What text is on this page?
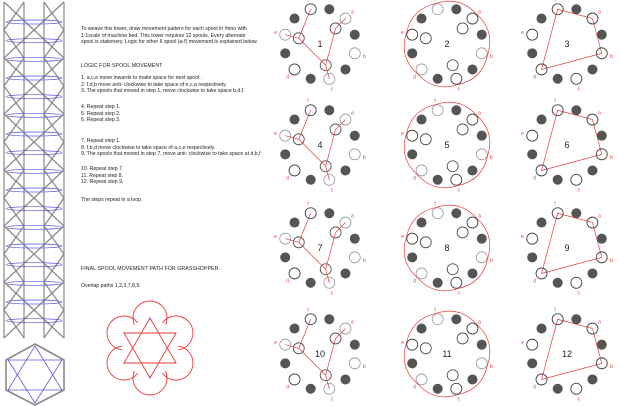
To weave this tower, draw movement pattern for each spool in rhino with
1:1scale of machine bed. This tower requires 12 spools. Every alternate
spool is stationery. Logic for other 6 spool (a-f) movement is explained below.
LOGIC FOR SPOOL MOVEMENT
1. a,c,e move inwards to make space for next spool .
2. f,d,b move anti- clockwise to take space of e,c,a respectively.
3. The spools that moved in step 1, move clockwise to take space b,d,f.
4. Repeat step 1.
5. Repeat step 2.
6. Repeat step 3.
7. Repeat step 1.
8. f,b,d move clockwise to take space of a,c,e respectively.
9. The spools that moved in step 7, move anti- clockwise to take space at d,b,f
10. Repeat step 7.
11. Repeat step 8.
12. Repeat step 9.
The steps repeat in a loop.
FINAL SPOOL MOVEMENT PATH FOR GRASSHOPPER.
Overlap paths 1,2,3,7,8,9.
a
b
c
d
e
f
1
a
b
c
d
e
f
2
a
b
c
d
e
f
3
a
b
c
d
e
f
4
a
b
c
d
e
f
5
a
b
c
d
e
f
6
a
b
c
d
e
f
7
a
b
c
d
e
f
8
a
b
c
d
e
f
9
a
b
c
d
e
f
10
a
b
c
d
e
f
11
a
b
c
d
e
f
12
